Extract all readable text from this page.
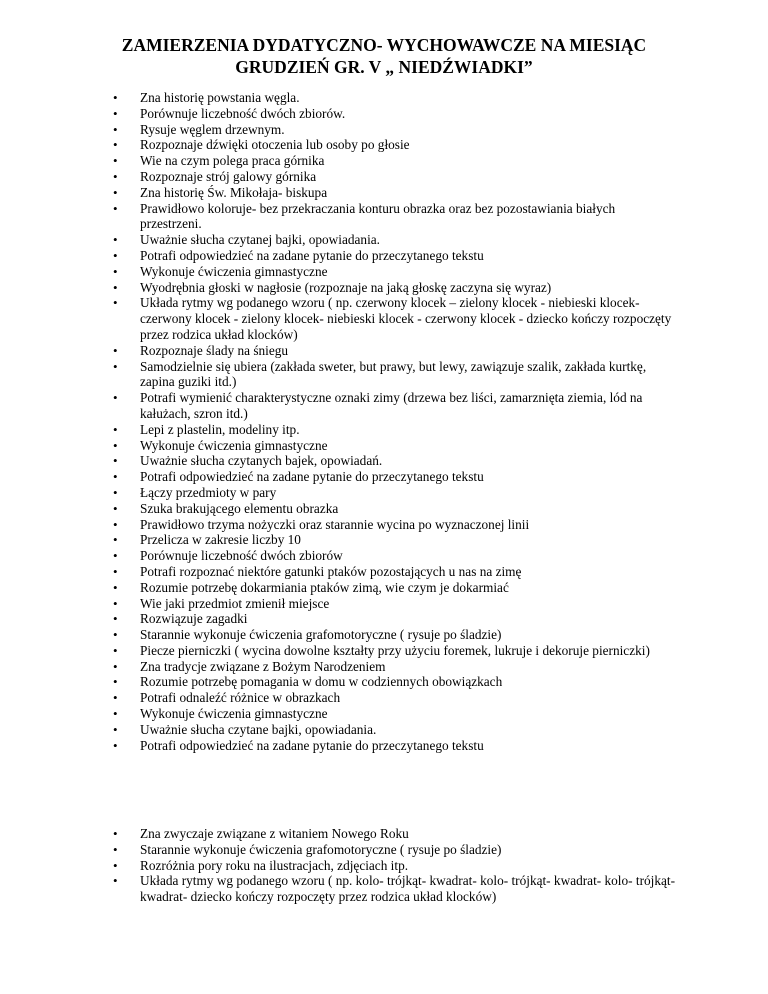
ZAMIERZENIA DYDATYCZNO- WYCHOWAWCZE NA MIESIĄC
GRUDZIEŃ GR. V „ NIEDŹWIADKI”
• Zna historię powstania węgla.
• Porównuje liczebność dwóch zbiorów.
• Rysuje węglem drzewnym.
• Rozpoznaje dźwięki otoczenia lub osoby po głosie
• Wie na czym polega praca górnika
• Rozpoznaje strój galowy górnika
• Zna historię Św. Mikołaja- biskupa
• Prawidłowo koloruje- bez przekraczania konturu obrazka oraz bez pozostawiania białych przestrzeni.
• Uważnie słucha czytanej bajki, opowiadania.
• Potrafi odpowiedzieć na zadane pytanie do przeczytanego tekstu
• Wykonuje ćwiczenia gimnastyczne
• Wyodrębnia głoski w nagłosie (rozpoznaje na jaką głoskę zaczyna się wyraz)
• Układa rytmy wg podanego wzoru ( np. czerwony klocek – zielony klocek - niebieski klocek- czerwony klocek - zielony klocek- niebieski klocek - czerwony klocek - dziecko kończy rozpoczęty przez rodzica układ klocków)
• Rozpoznaje ślady na śniegu
• Samodzielnie się ubiera (zakłada sweter, but prawy, but lewy, zawiązuje szalik, zakłada kurtkę, zapina guziki itd.)
• Potrafi wymienić charakterystyczne oznaki zimy (drzewa bez liści, zamarznięta ziemia, lód na kałużach, szron itd.)
• Lepi z plastelin, modeliny itp.
• Wykonuje ćwiczenia gimnastyczne
• Uważnie słucha czytanych bajek, opowiadań.
• Potrafi odpowiedzieć na zadane pytanie do przeczytanego tekstu
• Łączy przedmioty w pary
• Szuka brakującego elementu obrazka
• Prawidłowo trzyma nożyczki oraz starannie wycina po wyznaczonej linii
• Przelicza w zakresie liczby 10
• Porównuje liczebność dwóch zbiorów
• Potrafi rozpoznać niektóre gatunki ptaków pozostających u nas na zimę
• Rozumie potrzebę dokarmiania ptaków zimą, wie czym je dokarmiać
• Wie jaki przedmiot zmienił miejsce
• Rozwiązuje zagadki
• Starannie wykonuje ćwiczenia grafomotoryczne ( rysuje po śladzie)
• Piecze pierniczki ( wycina dowolne kształty przy użyciu foremek, lukruje i dekoruje pierniczki)
• Zna tradycje związane z Bożym Narodzeniem
• Rozumie potrzebę pomagania w domu w codziennych obowiązkach
• Potrafi odnaleźć różnice w obrazkach
• Wykonuje ćwiczenia gimnastyczne
• Uważnie słucha czytane bajki, opowiadania.
• Potrafi odpowiedzieć na zadane pytanie do przeczytanego tekstu
• Zna zwyczaje związane z witaniem Nowego Roku
• Starannie wykonuje ćwiczenia grafomotoryczne ( rysuje po śladzie)
• Rozróżnia pory roku na ilustracjach, zdjęciach itp.
• Układa rytmy wg podanego wzoru ( np. kolo- trójkąt- kwadrat- kolo- trójkąt- kwadrat- kolo- trójkąt- kwadrat- dziecko kończy rozpoczęty przez rodzica układ klocków)
